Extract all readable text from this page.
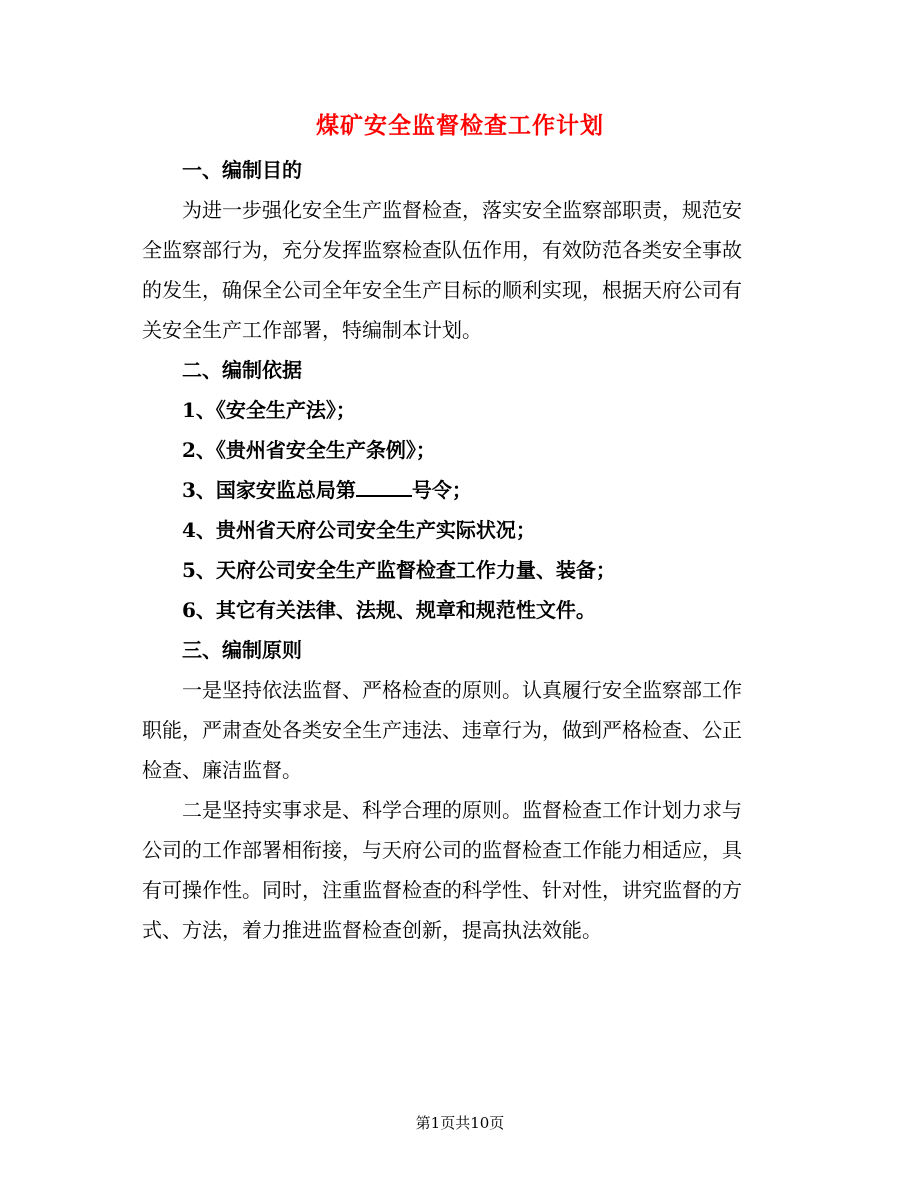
煤矿安全监督检查工作计划
一、编制目的
为进一步强化安全生产监督检查，落实安全监察部职责，规范安
全监察部行为，充分发挥监察检查队伍作用，有效防范各类安全事故
的发生，确保全公司全年安全生产目标的顺利实现，根据天府公司有
关安全生产工作部署，特编制本计划。
二、编制依据
1、《安全生产法》；
2、《贵州省安全生产条例》；
3、国家安监总局第	号令；
4、贵州省天府公司安全生产实际状况；
5、天府公司安全生产监督检查工作力量、装备；
6、其它有关法律、法规、规章和规范性文件。
三、编制原则
一是坚持依法监督、严格检查的原则。认真履行安全监察部工作
职能，严肃查处各类安全生产违法、违章行为，做到严格检查、公正
检查、廉洁监督。
二是坚持实事求是、科学合理的原则。监督检查工作计划力求与
公司的工作部署相衔接，与天府公司的监督检查工作能力相适应，具
有可操作性。同时，注重监督检查的科学性、针对性，讲究监督的方
式、方法，着力推进监督检查创新，提高执法效能。
第1页共10页
